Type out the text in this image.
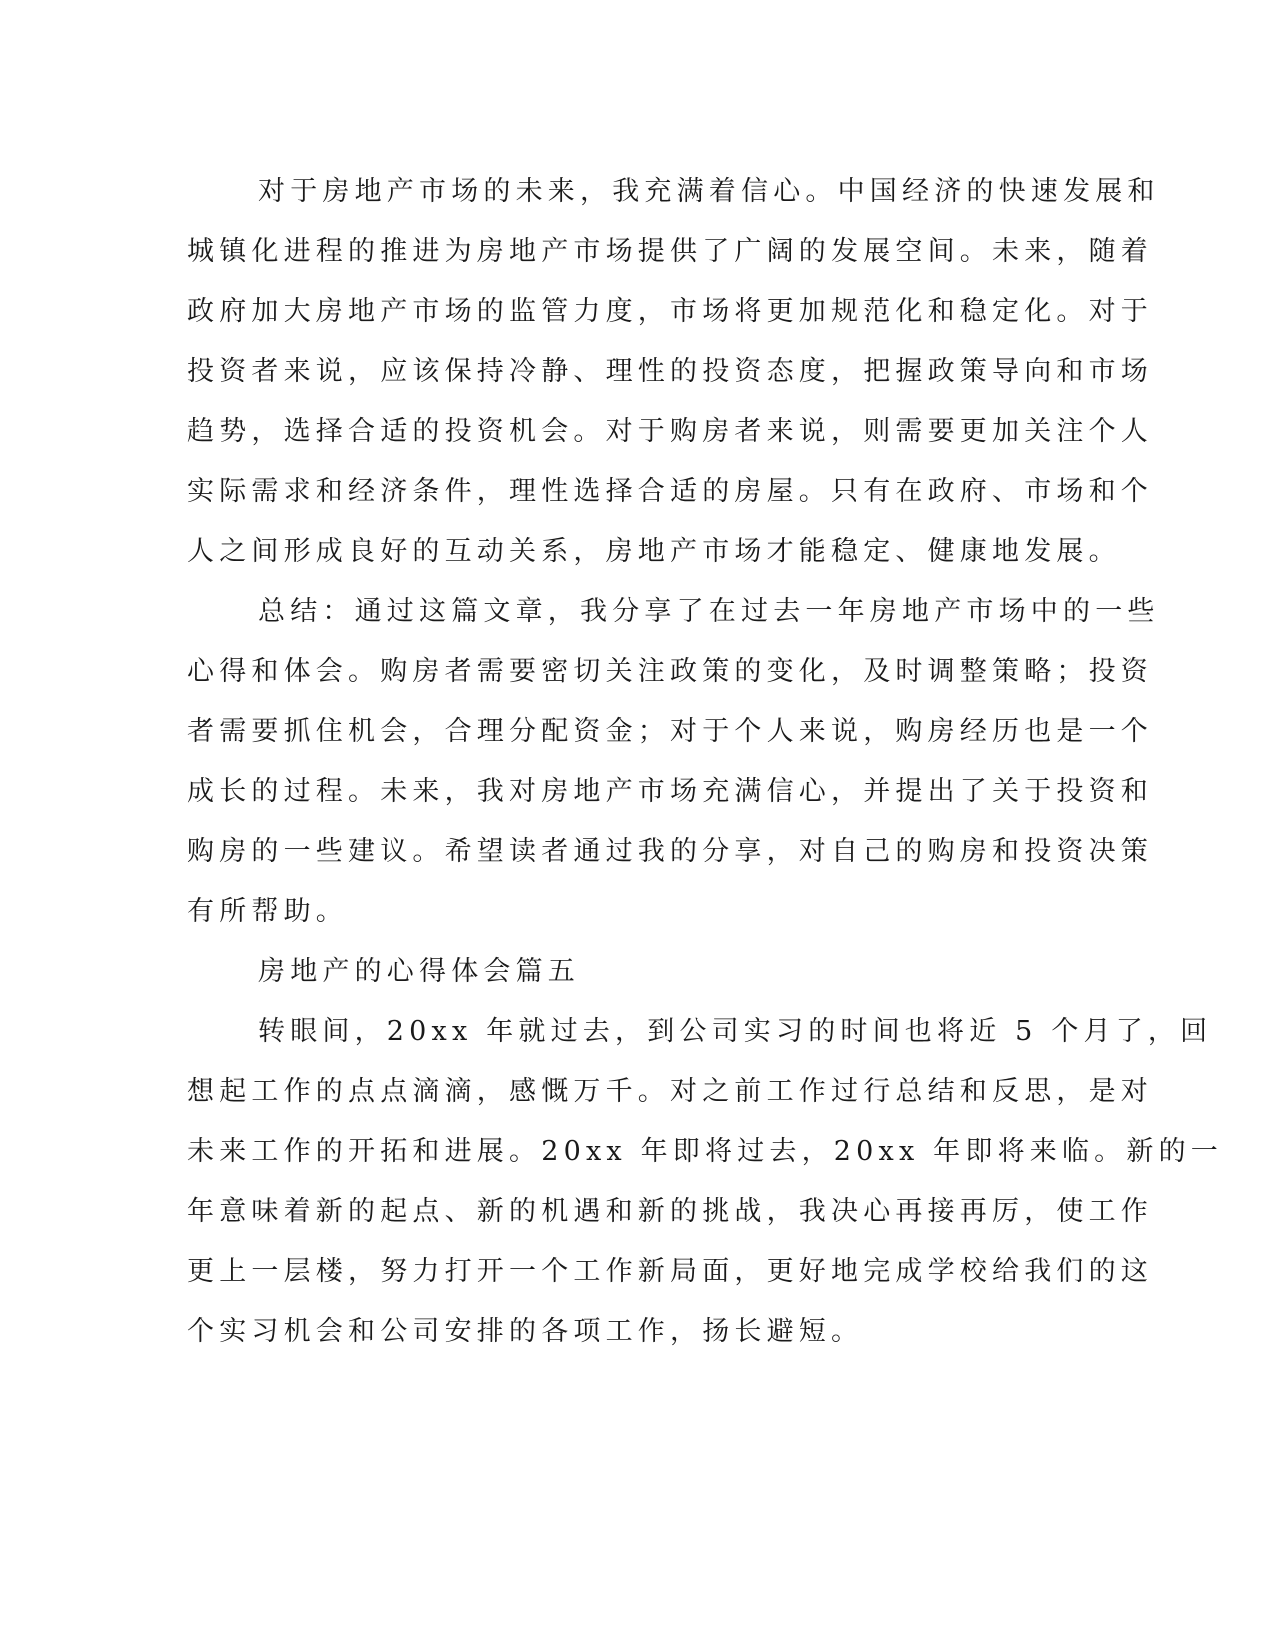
对于房地产市场的未来，我充满着信心。中国经济的快速发展和
城镇化进程的推进为房地产市场提供了广阔的发展空间。未来，随着
政府加大房地产市场的监管力度，市场将更加规范化和稳定化。对于
投资者来说，应该保持冷静、理性的投资态度，把握政策导向和市场
趋势，选择合适的投资机会。对于购房者来说，则需要更加关注个人
实际需求和经济条件，理性选择合适的房屋。只有在政府、市场和个
人之间形成良好的互动关系，房地产市场才能稳定、健康地发展。
总结：通过这篇文章，我分享了在过去一年房地产市场中的一些
心得和体会。购房者需要密切关注政策的变化，及时调整策略；投资
者需要抓住机会，合理分配资金；对于个人来说，购房经历也是一个
成长的过程。未来，我对房地产市场充满信心，并提出了关于投资和
购房的一些建议。希望读者通过我的分享，对自己的购房和投资决策
有所帮助。
房地产的心得体会篇五
转眼间，20xx 年就过去，到公司实习的时间也将近 5 个月了，回
想起工作的点点滴滴，感慨万千。对之前工作过行总结和反思，是对
未来工作的开拓和进展。20xx 年即将过去，20xx 年即将来临。新的一
年意味着新的起点、新的机遇和新的挑战，我决心再接再厉，使工作
更上一层楼，努力打开一个工作新局面，更好地完成学校给我们的这
个实习机会和公司安排的各项工作，扬长避短。
